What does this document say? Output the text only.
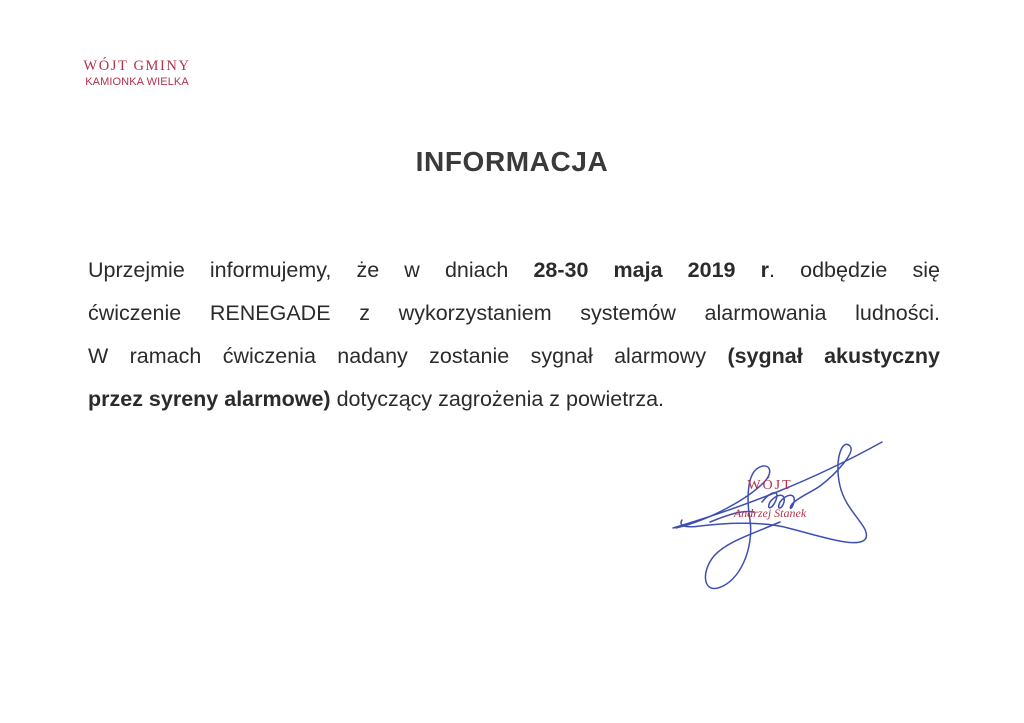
WÓJT GMINY
KAMIONKA WIELKA
INFORMACJA
Uprzejmie informujemy, że w dniach 28-30 maja 2019 r. odbędzie się
ćwiczenie RENEGADE z wykorzystaniem systemów alarmowania ludności.
W ramach ćwiczenia nadany zostanie sygnał alarmowy (sygnał akustyczny
przez syreny alarmowe) dotyczący zagrożenia z powietrza.
WÓJT
Andrzej Stanek
